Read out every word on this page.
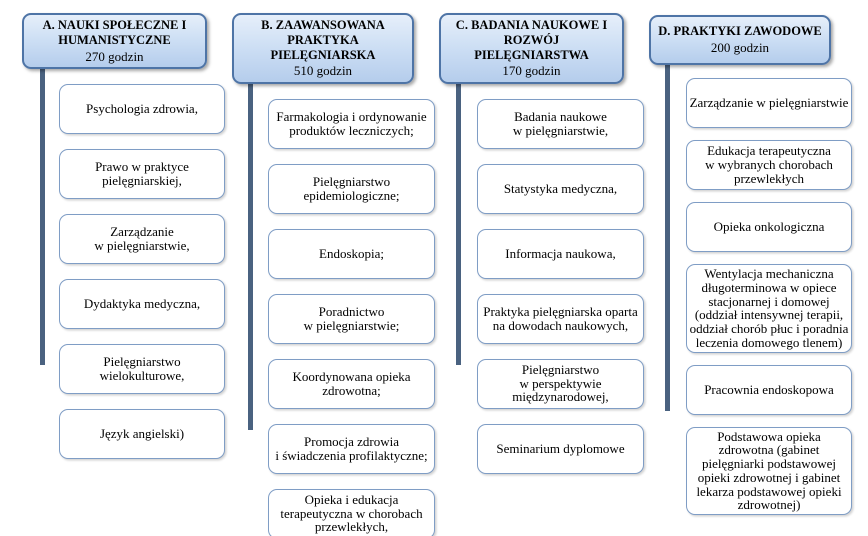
A. NAUKI SPOŁECZNE I HUMANISTYCZNE
270 godzin
Psychologia zdrowia,
Prawo w praktyce pielęgniarskiej,
Zarządzanie w pielęgniarstwie,
Dydaktyka medyczna,
Pielęgniarstwo wielokulturowe,
Język angielski)
B. ZAAWANSOWANA PRAKTYKA PIELĘGNIARSKA
510 godzin
Farmakologia i ordynowanie produktów leczniczych;
Pielęgniarstwo epidemiologiczne;
Endoskopia;
Poradnictwo w pielęgniarstwie;
Koordynowana opieka zdrowotna;
Promocja zdrowia i świadczenia profilaktyczne;
Opieka i edukacja terapeutyczna w chorobach przewlekłych,
C. BADANIA NAUKOWE I ROZWÓJ PIELĘGNIARSTWA
170 godzin
Badania naukowe w pielęgniarstwie,
Statystyka medyczna,
Informacja naukowa,
Praktyka pielęgniarska oparta na dowodach naukowych,
Pielęgniarstwo w perspektywie międzynarodowej,
Seminarium dyplomowe
D. PRAKTYKI ZAWODOWE
200 godzin
Zarządzanie w pielęgniarstwie
Edukacja terapeutyczna w wybranych chorobach przewlekłych
Opieka onkologiczna
Wentylacja mechaniczna długoterminowa w opiece stacjonarnej i domowej (oddział intensywnej terapii, oddział chorób płuc i poradnia leczenia domowego tlenem)
Pracownia endoskopowa
Podstawowa opieka zdrowotna (gabinet pielęgniarki podstawowej opieki zdrowotnej i gabinet lekarza podstawowej opieki zdrowotnej)
